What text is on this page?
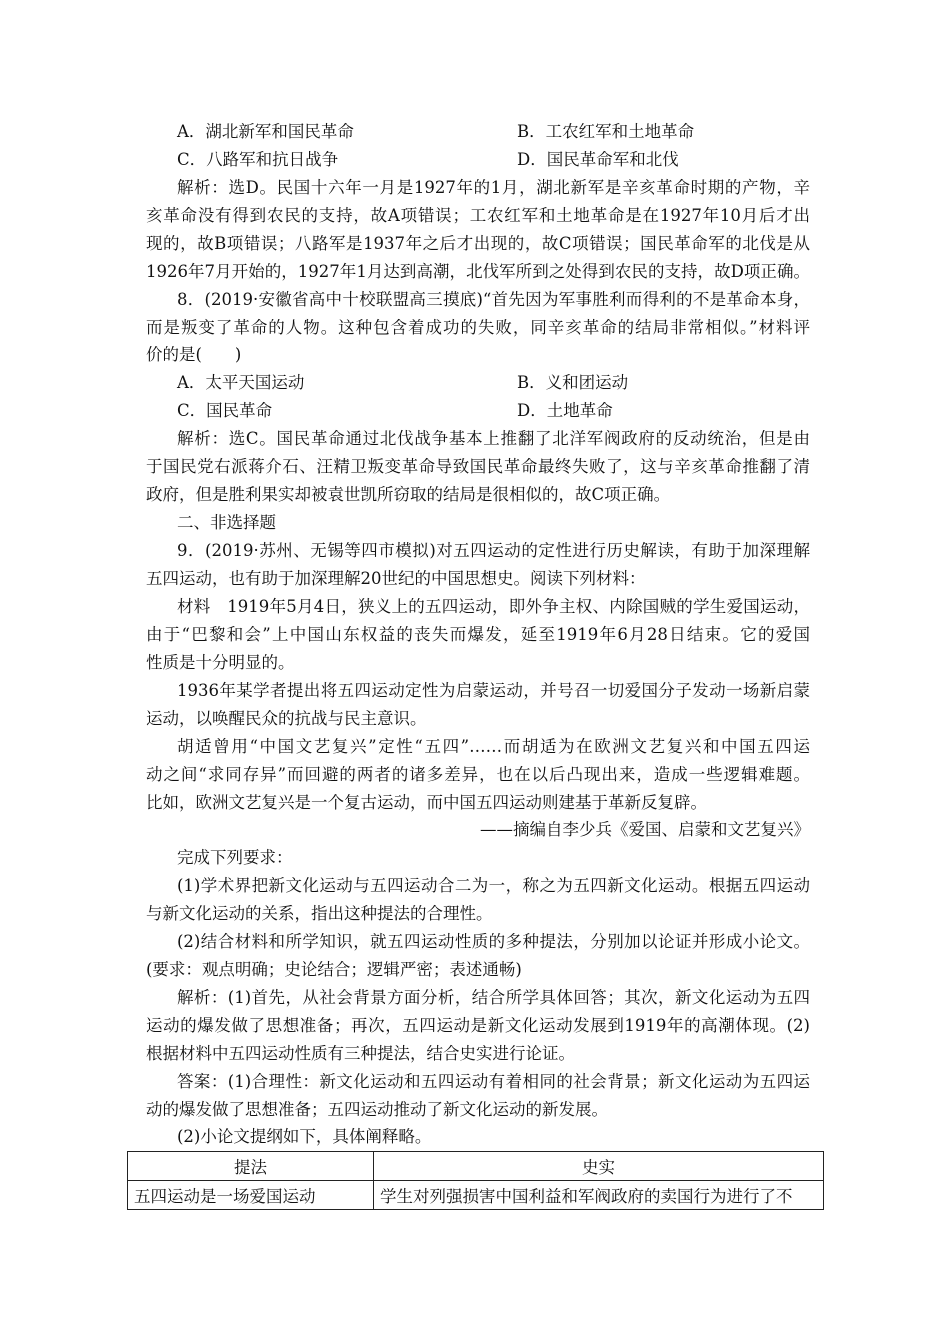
A．湖北新军和国民革命	B．工农红军和土地革命
C．八路军和抗日战争	D．国民革命军和北伐
解析：选D。民国十六年一月是1927年的1月，湖北新军是辛亥革命时期的产物，辛
亥革命没有得到农民的支持，故A项错误；工农红军和土地革命是在1927年10月后才出
现的，故B项错误；八路军是1937年之后才出现的，故C项错误；国民革命军的北伐是从
1926年7月开始的，1927年1月达到高潮，北伐军所到之处得到农民的支持，故D项正确。
8．(2019·安徽省高中十校联盟高三摸底)“首先因为军事胜利而得利的不是革命本身，
而是叛变了革命的人物。这种包含着成功的失败，同辛亥革命的结局非常相似。”材料评
价的是(　　)
A．太平天国运动	B．义和团运动
C．国民革命	D．土地革命
解析：选C。国民革命通过北伐战争基本上推翻了北洋军阀政府的反动统治，但是由
于国民党右派蒋介石、汪精卫叛变革命导致国民革命最终失败了，这与辛亥革命推翻了清
政府，但是胜利果实却被袁世凯所窃取的结局是很相似的，故C项正确。
二、非选择题
9．(2019·苏州、无锡等四市模拟)对五四运动的定性进行历史解读，有助于加深理解
五四运动，也有助于加深理解20世纪的中国思想史。阅读下列材料：
材料　1919年5月4日，狭义上的五四运动，即外争主权、内除国贼的学生爱国运动，
由于“巴黎和会”上中国山东权益的丧失而爆发，延至1919年6月28日结束。它的爱国
性质是十分明显的。
1936年某学者提出将五四运动定性为启蒙运动，并号召一切爱国分子发动一场新启蒙
运动，以唤醒民众的抗战与民主意识。
胡适曾用“中国文艺复兴”定性“五四”……而胡适为在欧洲文艺复兴和中国五四运
动之间“求同存异”而回避的两者的诸多差异，也在以后凸现出来，造成一些逻辑难题。
比如，欧洲文艺复兴是一个复古运动，而中国五四运动则建基于革新反复辟。
——摘编自李少兵《爱国、启蒙和文艺复兴》
完成下列要求：
(1)学术界把新文化运动与五四运动合二为一，称之为五四新文化运动。根据五四运动
与新文化运动的关系，指出这种提法的合理性。
(2)结合材料和所学知识，就五四运动性质的多种提法，分别加以论证并形成小论文。
(要求：观点明确；史论结合；逻辑严密；表述通畅)
解析：(1)首先，从社会背景方面分析，结合所学具体回答；其次，新文化运动为五四
运动的爆发做了思想准备；再次，五四运动是新文化运动发展到1919年的高潮体现。(2)
根据材料中五四运动性质有三种提法，结合史实进行论证。
答案：(1)合理性：新文化运动和五四运动有着相同的社会背景；新文化运动为五四运
动的爆发做了思想准备；五四运动推动了新文化运动的新发展。
(2)小论文提纲如下，具体阐释略。
提法	史实
五四运动是一场爱国运动	学生对列强损害中国利益和军阀政府的卖国行为进行了不
